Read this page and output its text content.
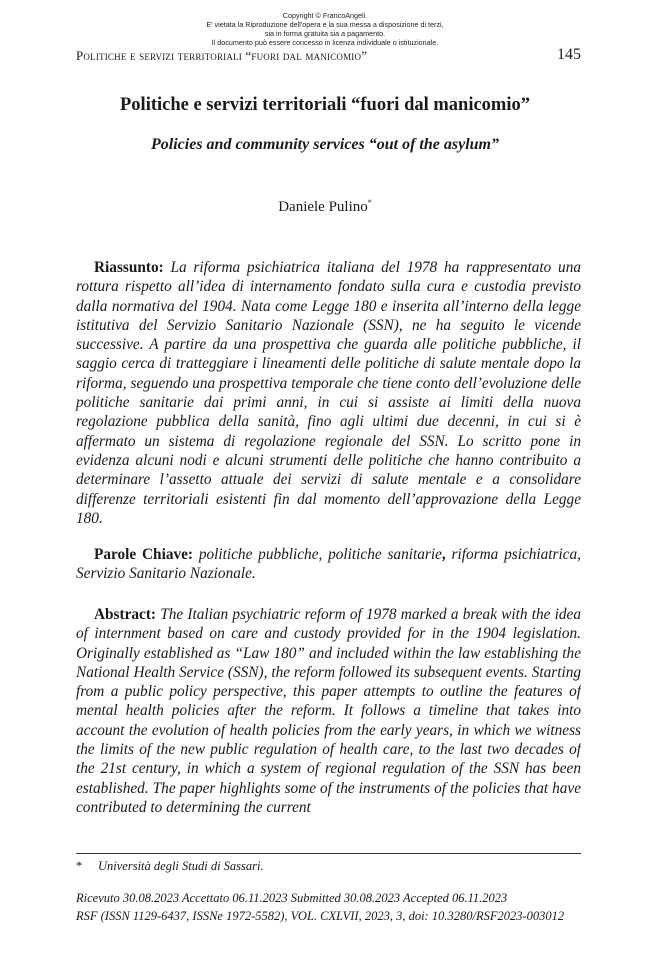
Copyright © FrancoAngeli.
E' vietata la Riproduzione dell'opera e la sua messa a disposizione di terzi,
sia in forma gratuita sia a pagamento.
Il documento può essere concesso in licenza individuale o istituzionale.
Politiche e servizi territoriali “fuori dal manicomio”	145
Politiche e servizi territoriali “fuori dal manicomio”
Policies and community services “out of the asylum”
Daniele Pulino*
Riassunto: La riforma psichiatrica italiana del 1978 ha rappresentato una rottura rispetto all’idea di internamento fondato sulla cura e custodia previsto dalla normativa del 1904. Nata come Legge 180 e inserita all’interno della legge istitutiva del Servizio Sanitario Nazionale (SSN), ne ha seguito le vicende successive. A partire da una prospettiva che guarda alle politiche pubbliche, il saggio cerca di tratteggiare i lineamenti delle politiche di salute mentale dopo la riforma, seguendo una prospettiva temporale che tiene conto dell’evoluzione delle politiche sanitarie dai primi anni, in cui si assiste ai limiti della nuova regolazione pubblica della sanità, fino agli ultimi due decenni, in cui si è affermato un sistema di regolazione regionale del SSN. Lo scritto pone in evidenza alcuni nodi e alcuni strumenti delle politiche che hanno contribuito a determinare l’assetto attuale dei servizi di salute mentale e a consolidare differenze territoriali esistenti fin dal momento dell’approvazione della Legge 180.
Parole Chiave: politiche pubbliche, politiche sanitarie, riforma psichiatrica, Servizio Sanitario Nazionale.
Abstract: The Italian psychiatric reform of 1978 marked a break with the idea of internment based on care and custody provided for in the 1904 legislation. Originally established as “Law 180” and included within the law establishing the National Health Service (SSN), the reform followed its subsequent events. Starting from a public policy perspective, this paper attempts to outline the features of mental health policies after the reform. It follows a timeline that takes into account the evolution of health policies from the early years, in which we witness the limits of the new public regulation of health care, to the last two decades of the 21st century, in which a system of regional regulation of the SSN has been established. The paper highlights some of the instruments of the policies that have contributed to determining the current
* Università degli Studi di Sassari.
Ricevuto 30.08.2023 Accettato 06.11.2023 Submitted 30.08.2023 Accepted 06.11.2023
RSF (ISSN 1129-6437, ISSNe 1972-5582), VOL. CXLVII, 2023, 3, doi: 10.3280/RSF2023-003012
